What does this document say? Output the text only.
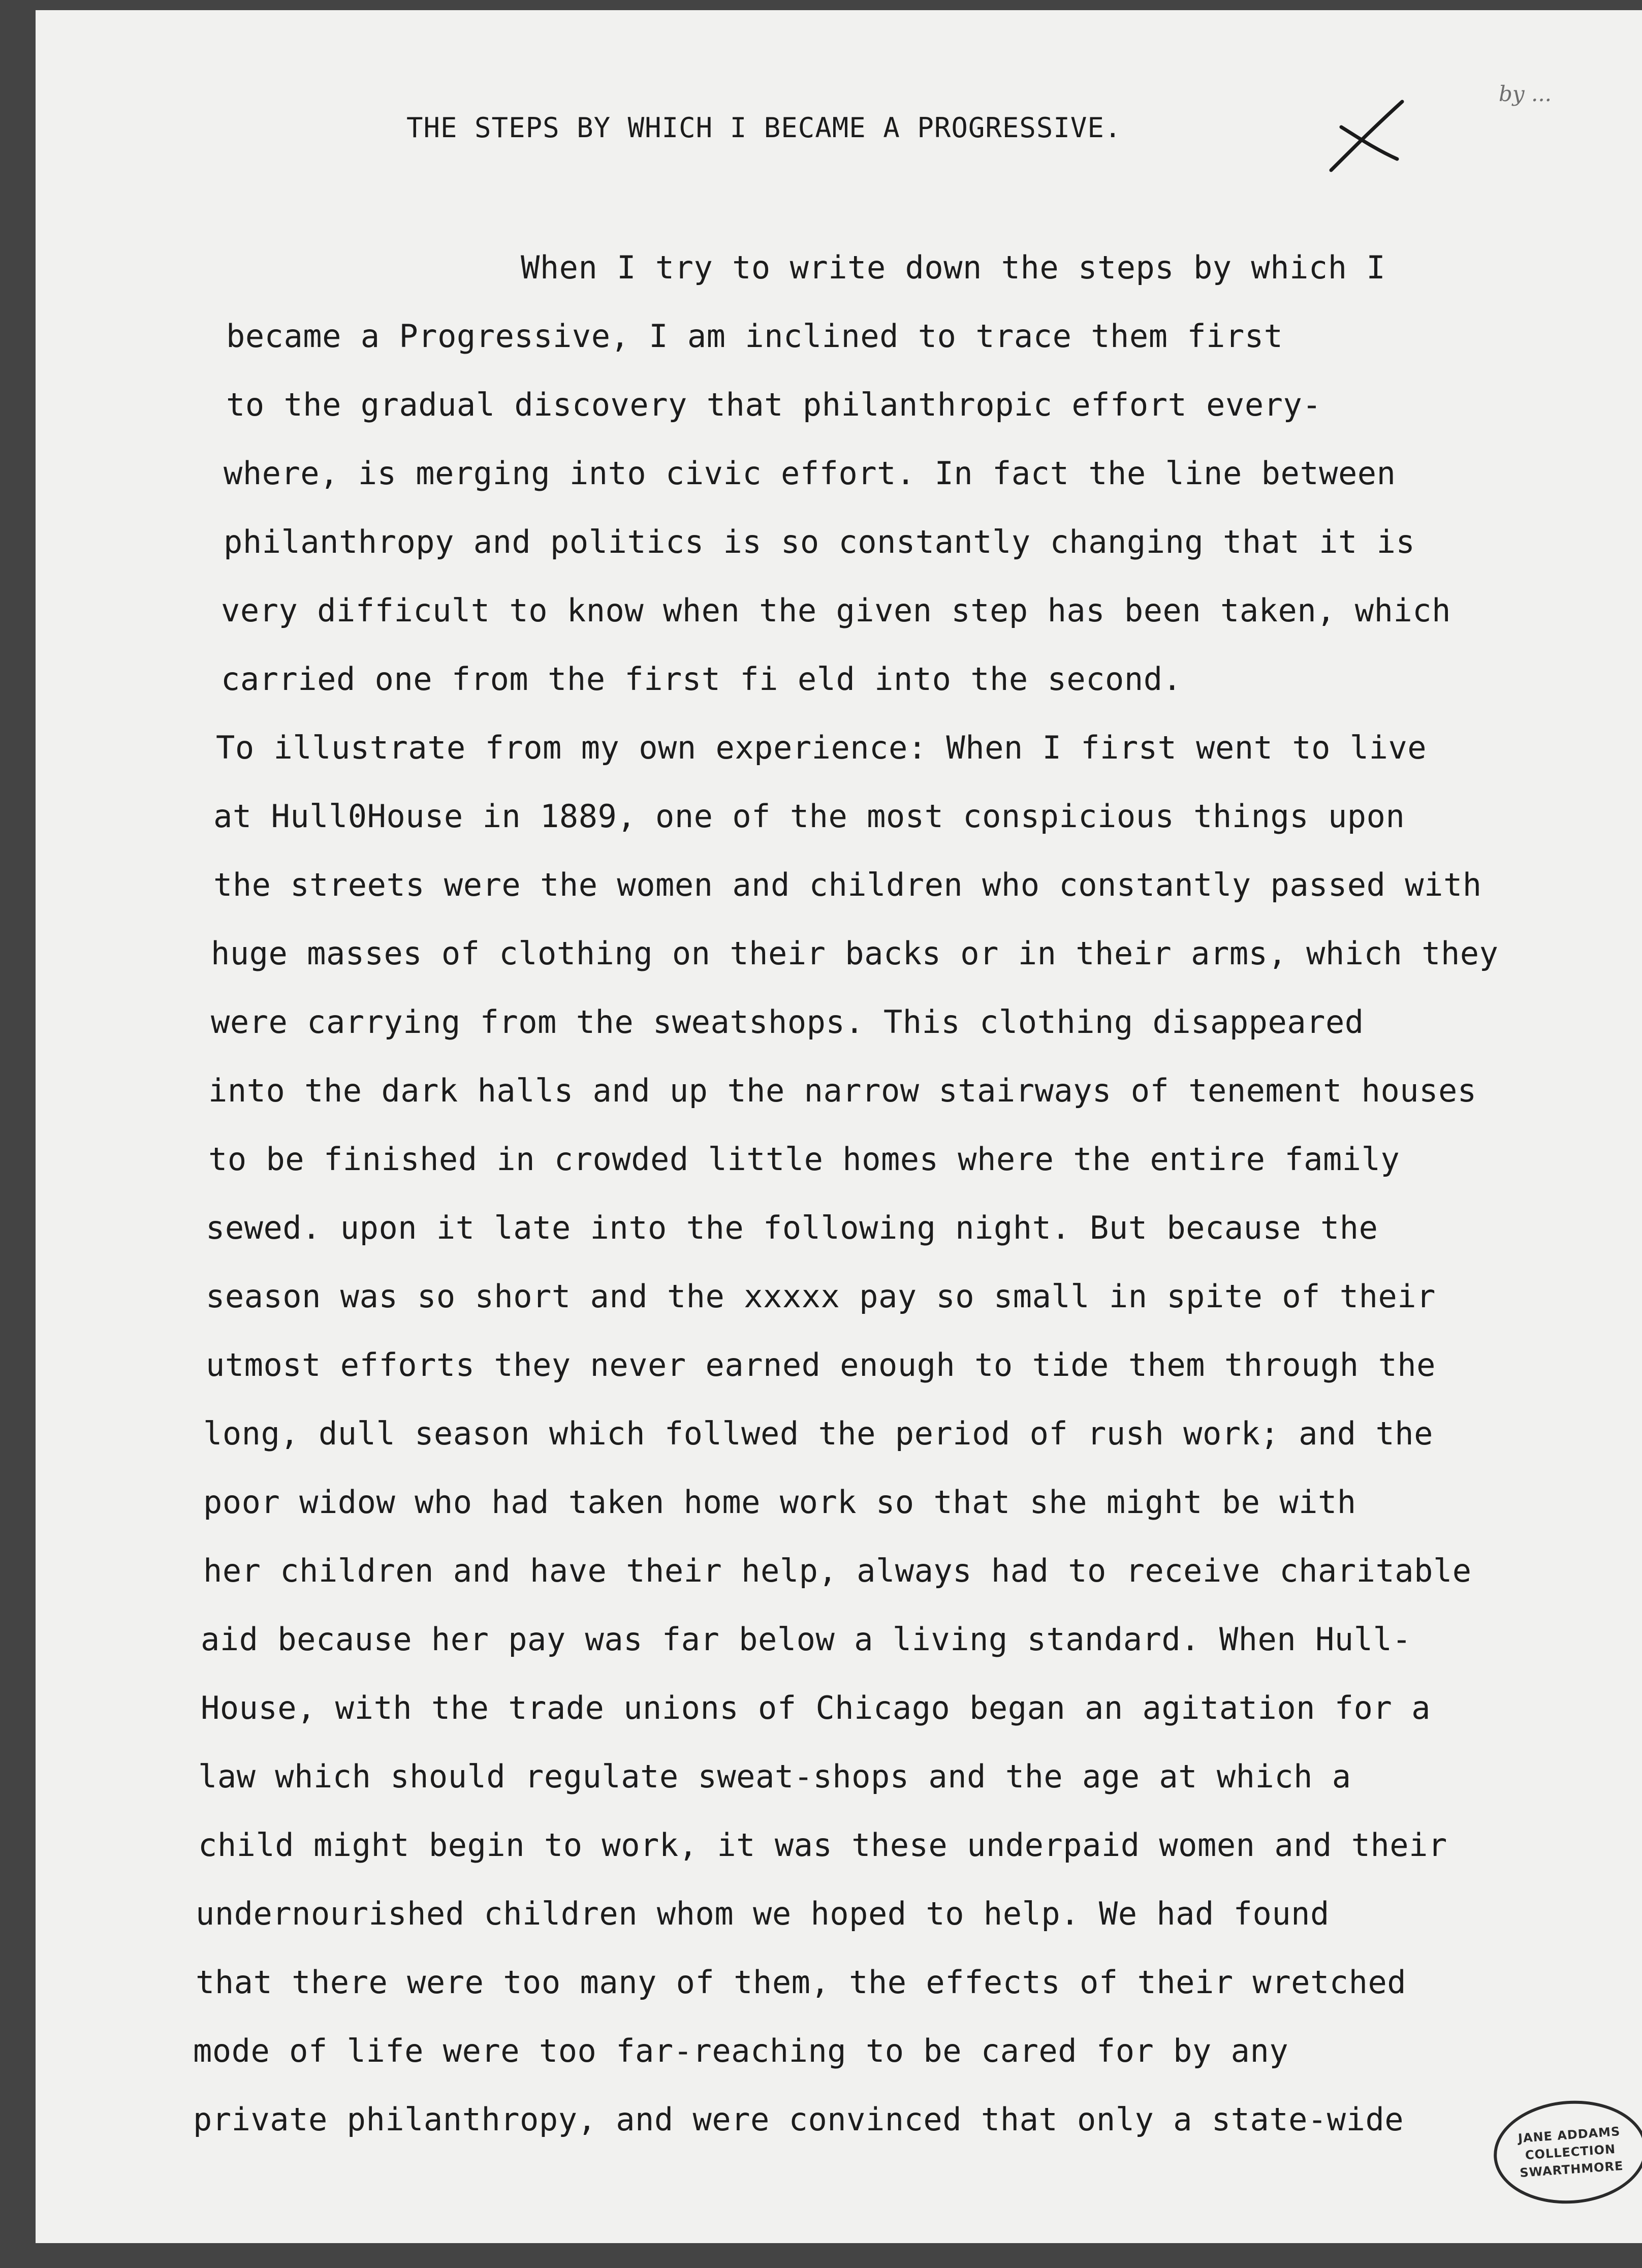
THE STEPS BY WHICH I BECAME A PROGRESSIVE.
by ...
When I try to write down the steps by which I
became a Progressive, I am inclined to trace them first
to the gradual discovery that philanthropic effort every-
where, is merging into civic effort. In fact the line between
philanthropy and politics is so constantly changing that it is
very difficult to know when the given step has been taken, which
carried one from the first fi eld into the second.
To illustrate from my own experience: When I first went to live
at Hull0House in 1889, one of the most conspicious things upon
the streets were the women and children who constantly passed with
huge masses of clothing on their backs or in their arms, which they
were carrying from the sweatshops. This clothing disappeared
into the dark halls and up the narrow stairways of tenement houses
to be finished in crowded little homes where the entire family
sewed. upon it late into the following night. But because the
season was so short and the xxxxx pay so small in spite of their
utmost efforts they never earned enough to tide them through the
long, dull season which follwed the period of rush work; and the
poor widow who had taken home work so that she might be with
her children and have their help, always had to receive charitable
aid because her pay was far below a living standard. When Hull-
House, with the trade unions of Chicago began an agitation for a
law which should regulate sweat-shops and the age at which a
child might begin to work, it was these underpaid women and their
undernourished children whom we hoped to help. We had found
that there were too many of them, the effects of their wretched
mode of life were too far-reaching to be cared for by any
private philanthropy, and were convinced that only a state-wide	JANE ADDAMS
COLLECTION
SWARTHMORE
